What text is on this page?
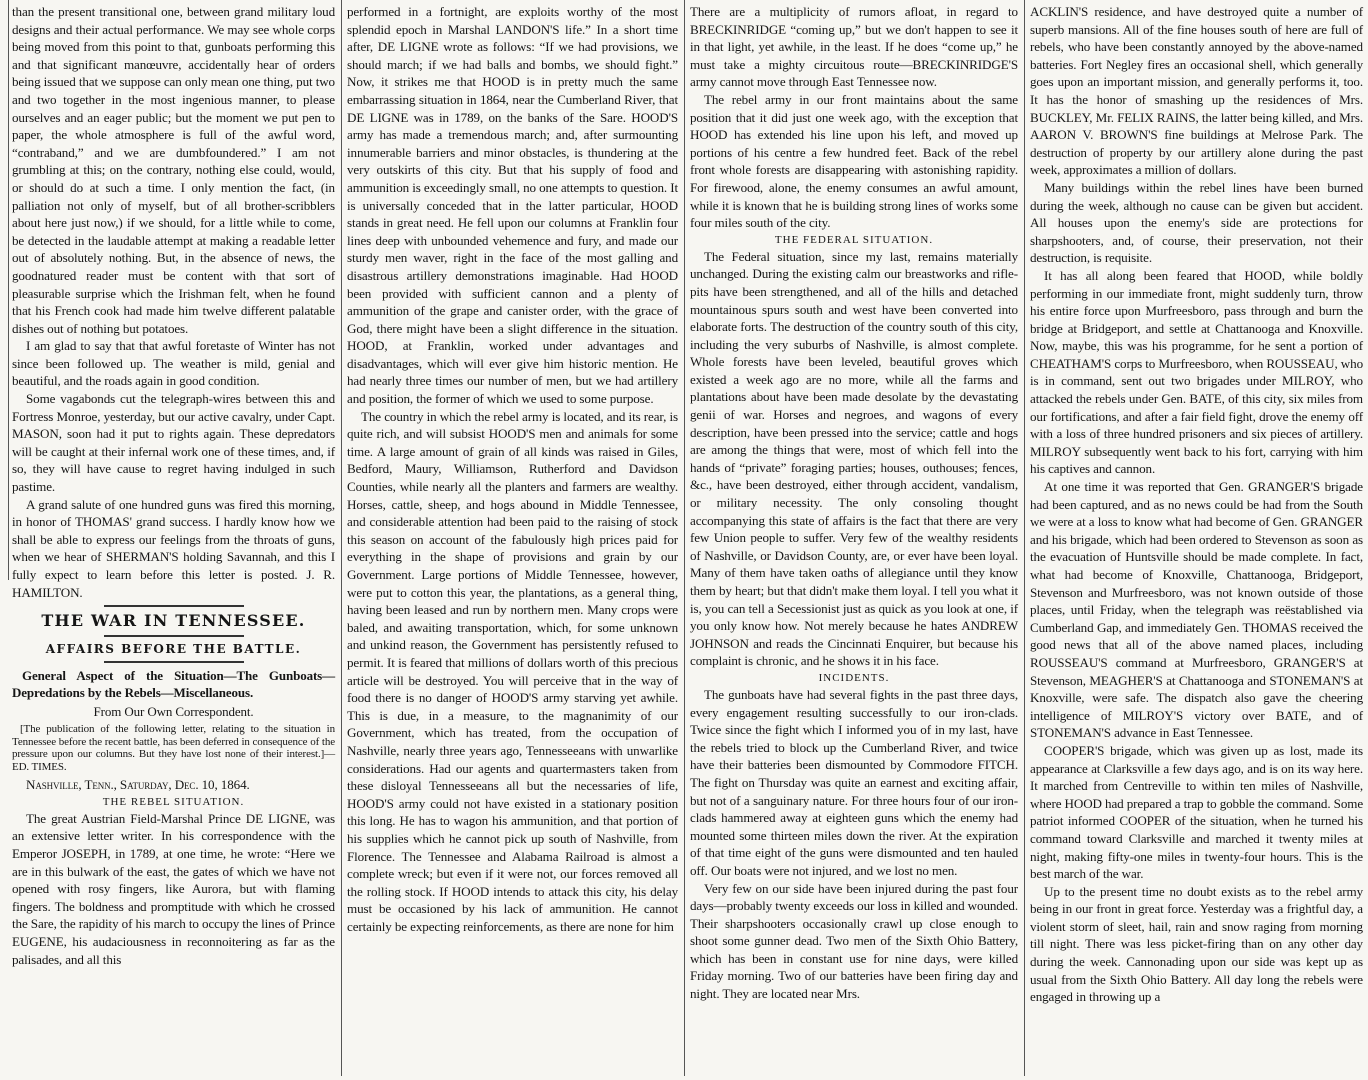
than the present transitional one, between grand military loud designs and their actual performance. We may see whole corps being moved from this point to that, gunboats performing this and that significant manœuvre, accidentally hear of orders being issued that we suppose can only mean one thing, put two and two together in the most ingenious manner, to please ourselves and an eager public; but the moment we put pen to paper, the whole atmosphere is full of the awful word, “contraband,” and we are dumbfoundered.” I am not grumbling at this; on the contrary, nothing else could, would, or should do at such a time. I only mention the fact, (in palliation not only of myself, but of all brother-scribblers about here just now,) if we should, for a little while to come, be detected in the laudable attempt at making a readable letter out of absolutely nothing. But, in the absence of news, the goodnatured reader must be content with that sort of pleasurable surprise which the Irishman felt, when he found that his French cook had made him twelve different palatable dishes out of nothing but potatoes.

I am glad to say that that awful foretaste of Winter has not since been followed up. The weather is mild, genial and beautiful, and the roads again in good condition.

Some vagabonds cut the telegraph-wires between this and Fortress Monroe, yesterday, but our active cavalry, under Capt. MASON, soon had it put to rights again. These depredators will be caught at their infernal work one of these times, and, if so, they will have cause to regret having indulged in such pastime.

A grand salute of one hundred guns was fired this morning, in honor of THOMAS' grand success. I hardly know how we shall be able to express our feelings from the throats of guns, when we hear of SHERMAN'S holding Savannah, and this I fully expect to learn before this letter is posted. J. R. HAMILTON.

THE WAR IN TENNESSEE.
AFFAIRS BEFORE THE BATTLE.
General Aspect of the Situation—The Gunboats—Depredations by the Rebels—Miscellaneous.
From Our Own Correspondent.
[The publication of the following letter, relating to the situation in Tennessee before the recent battle, has been deferred in consequence of the pressure upon our columns. But they have lost none of their interest.]—ED. TIMES.
Nashville, Tenn., Saturday, Dec. 10, 1864.
THE REBEL SITUATION.

The great Austrian Field-Marshal Prince DE LIGNE, was an extensive letter writer. In his correspondence with the Emperor JOSEPH, in 1789, at one time, he wrote: “Here we are in this bulwark of the east, the gates of which we have not opened with rosy fingers, like Aurora, but with flaming fingers. The boldness and promptitude with which he crossed the Sare, the rapidity of his march to occupy the lines of Prince EUGENE, his audaciousness in reconnoitering as far as the palisades, and all this

performed in a fortnight, are exploits worthy of the most splendid epoch in Marshal LANDON'S life.” In a short time after, DE LIGNE wrote as follows: “If we had provisions, we should march; if we had balls and bombs, we should fight.” Now, it strikes me that HOOD is in pretty much the same embarrassing situation in 1864, near the Cumberland River, that DE LIGNE was in 1789, on the banks of the Sare. HOOD'S army has made a tremendous march; and, after surmounting innumerable barriers and minor obstacles, is thundering at the very outskirts of this city. But that his supply of food and ammunition is exceedingly small, no one attempts to question. It is universally conceded that in the latter particular, HOOD stands in great need. He fell upon our columns at Franklin four lines deep with unbounded vehemence and fury, and made our sturdy men waver, right in the face of the most galling and disastrous artillery demonstrations imaginable. Had HOOD been provided with sufficient cannon and a plenty of ammunition of the grape and canister order, with the grace of God, there might have been a slight difference in the situation. HOOD, at Franklin, worked under advantages and disadvantages, which will ever give him historic mention. He had nearly three times our number of men, but we had artillery and position, the former of which we used to some purpose.

The country in which the rebel army is located, and its rear, is quite rich, and will subsist HOOD'S men and animals for some time. A large amount of grain of all kinds was raised in Giles, Bedford, Maury, Williamson, Rutherford and Davidson Counties, while nearly all the planters and farmers are wealthy. Horses, cattle, sheep, and hogs abound in Middle Tennessee, and considerable attention had been paid to the raising of stock this season on account of the fabulously high prices paid for everything in the shape of provisions and grain by our Government. Large portions of Middle Tennessee, however, were put to cotton this year, the plantations, as a general thing, having been leased and run by northern men. Many crops were baled, and awaiting transportation, which, for some unknown and unkind reason, the Government has persistently refused to permit. It is feared that millions of dollars worth of this precious article will be destroyed. You will perceive that in the way of food there is no danger of HOOD'S army starving yet awhile. This is due, in a measure, to the magnanimity of our Government, which has treated, from the occupation of Nashville, nearly three years ago, Tennesseeans with unwarlike considerations. Had our agents and quartermasters taken from these disloyal Tennesseeans all but the necessaries of life, HOOD'S army could not have existed in a stationary position this long. He has to wagon his ammunition, and that portion of his supplies which he cannot pick up south of Nashville, from Florence. The Tennessee and Alabama Railroad is almost a complete wreck; but even if it were not, our forces removed all the rolling stock. If HOOD intends to attack this city, his delay must be occasioned by his lack of ammunition. He cannot certainly be expecting reinforcements, as there are none for him

There are a multiplicity of rumors afloat, in regard to BRECKINRIDGE “coming up,” but we don't happen to see it in that light, yet awhile, in the least. If he does “come up,” he must take a mighty circuitous route—BRECKINRIDGE'S army cannot move through East Tennessee now.

The rebel army in our front maintains about the same position that it did just one week ago, with the exception that HOOD has extended his line upon his left, and moved up portions of his centre a few hundred feet. Back of the rebel front whole forests are disappearing with astonishing rapidity. For firewood, alone, the enemy consumes an awful amount, while it is known that he is building strong lines of works some four miles south of the city.

THE FEDERAL SITUATION.

The Federal situation, since my last, remains materially unchanged. During the existing calm our breastworks and rifle-pits have been strengthened, and all of the hills and detached mountainous spurs south and west have been converted into elaborate forts. The destruction of the country south of this city, including the very suburbs of Nashville, is almost complete. Whole forests have been leveled, beautiful groves which existed a week ago are no more, while all the farms and plantations about have been made desolate by the devastating genii of war. Horses and negroes, and wagons of every description, have been pressed into the service; cattle and hogs are among the things that were, most of which fell into the hands of “private” foraging parties; houses, outhouses; fences, &c., have been destroyed, either through accident, vandalism, or military necessity. The only consoling thought accompanying this state of affairs is the fact that there are very few Union people to suffer. Very few of the wealthy residents of Nashville, or Davidson County, are, or ever have been loyal. Many of them have taken oaths of allegiance until they know them by heart; but that didn't make them loyal. I tell you what it is, you can tell a Secessionist just as quick as you look at one, if you only know how. Not merely because he hates ANDREW JOHNSON and reads the Cincinnati Enquirer, but because his complaint is chronic, and he shows it in his face.

INCIDENTS.

The gunboats have had several fights in the past three days, every engagement resulting successfully to our iron-clads. Twice since the fight which I informed you of in my last, have the rebels tried to block up the Cumberland River, and twice have their batteries been dismounted by Commodore FITCH. The fight on Thursday was quite an earnest and exciting affair, but not of a sanguinary nature. For three hours four of our iron-clads hammered away at eighteen guns which the enemy had mounted some thirteen miles down the river. At the expiration of that time eight of the guns were dismounted and ten hauled off. Our boats were not injured, and we lost no men.

Very few on our side have been injured during the past four days—probably twenty exceeds our loss in killed and wounded. Their sharpshooters occasionally crawl up close enough to shoot some gunner dead. Two men of the Sixth Ohio Battery, which has been in constant use for nine days, were killed Friday morning. Two of our batteries have been firing day and night. They are located near Mrs.

ACKLIN'S residence, and have destroyed quite a number of superb mansions. All of the fine houses south of here are full of rebels, who have been constantly annoyed by the above-named batteries. Fort Negley fires an occasional shell, which generally goes upon an important mission, and generally performs it, too. It has the honor of smashing up the residences of Mrs. BUCKLEY, Mr. FELIX RAINS, the latter being killed, and Mrs. AARON V. BROWN'S fine buildings at Melrose Park. The destruction of property by our artillery alone during the past week, approximates a million of dollars.

Many buildings within the rebel lines have been burned during the week, although no cause can be given but accident. All houses upon the enemy's side are protections for sharpshooters, and, of course, their preservation, not their destruction, is requisite.

It has all along been feared that HOOD, while boldly performing in our immediate front, might suddenly turn, throw his entire force upon Murfreesboro, pass through and burn the bridge at Bridgeport, and settle at Chattanooga and Knoxville. Now, maybe, this was his programme, for he sent a portion of CHEATHAM'S corps to Murfreesboro, when ROUSSEAU, who is in command, sent out two brigades under MILROY, who attacked the rebels under Gen. BATE, of this city, six miles from our fortifications, and after a fair field fight, drove the enemy off with a loss of three hundred prisoners and six pieces of artillery. MILROY subsequently went back to his fort, carrying with him his captives and cannon.

At one time it was reported that Gen. GRANGER'S brigade had been captured, and as no news could be had from the South we were at a loss to know what had become of Gen. GRANGER and his brigade, which had been ordered to Stevenson as soon as the evacuation of Huntsville should be made complete. In fact, what had become of Knoxville, Chattanooga, Bridgeport, Stevenson and Murfreesboro, was not known outside of those places, until Friday, when the telegraph was reëstablished via Cumberland Gap, and immediately Gen. THOMAS received the good news that all of the above named places, including ROUSSEAU'S command at Murfreesboro, GRANGER'S at Stevenson, MEAGHER'S at Chattanooga and STONEMAN'S at Knoxville, were safe. The dispatch also gave the cheering intelligence of MILROY'S victory over BATE, and of STONEMAN'S advance in East Tennessee.

COOPER'S brigade, which was given up as lost, made its appearance at Clarksville a few days ago, and is on its way here. It marched from Centreville to within ten miles of Nashville, where HOOD had prepared a trap to gobble the command. Some patriot informed COOPER of the situation, when he turned his command toward Clarksville and marched it twenty miles at night, making fifty-one miles in twenty-four hours. This is the best march of the war.

Up to the present time no doubt exists as to the rebel army being in our front in great force. Yesterday was a frightful day, a violent storm of sleet, hail, rain and snow raging from morning till night. There was less picket-firing than on any other day during the week. Cannonading upon our side was kept up as usual from the Sixth Ohio Battery. All day long the rebels were engaged in throwing up a
